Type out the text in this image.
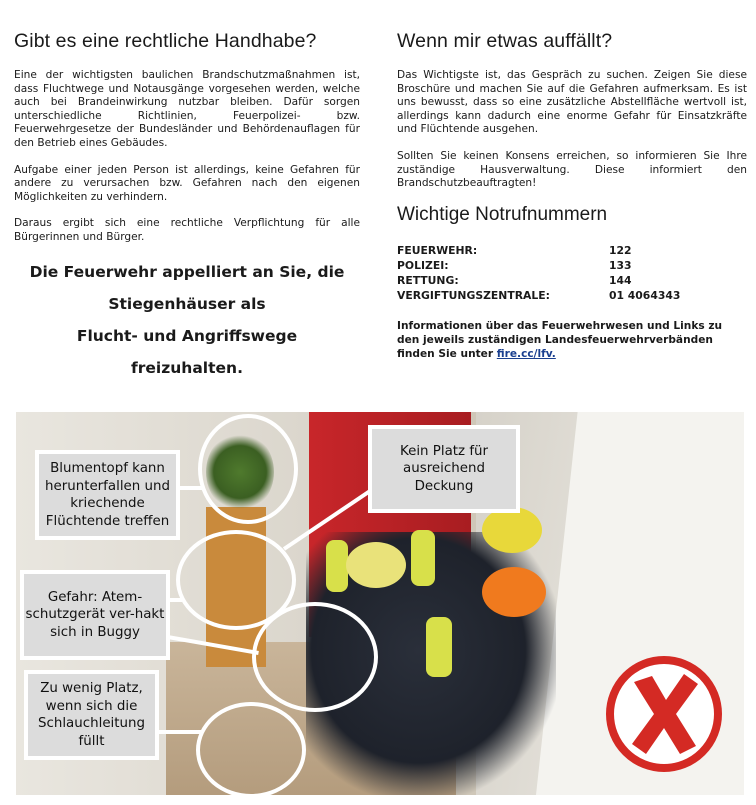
Gibt es eine rechtliche Handhabe?

Eine der wichtigsten baulichen Brandschutzmaßnahmen ist, dass Fluchtwege und Notausgänge vorgesehen werden, welche auch bei Brandeinwirkung nutzbar bleiben. Dafür sorgen unterschiedliche Richtlinien, Feuerpolizei- bzw. Feuerwehrgesetze der Bundesländer und Behördenauflagen für den Betrieb eines Gebäudes.

Aufgabe einer jeden Person ist allerdings, keine Gefahren für andere zu verursachen bzw. Gefahren nach den eigenen Möglichkeiten zu verhindern.

Daraus ergibt sich eine rechtliche Verpflichtung für alle Bürgerinnen und Bürger.

Die Feuerwehr appelliert an Sie, die
Stiegenhäuser als
Flucht- und Angriffswege
freizuhalten.
Wenn mir etwas auffällt?

Das Wichtigste ist, das Gespräch zu suchen. Zeigen Sie diese Broschüre und machen Sie auf die Gefahren aufmerksam. Es ist uns bewusst, dass so eine zusätzliche Abstellfläche wertvoll ist, allerdings kann dadurch eine enorme Gefahr für Einsatzkräfte und Flüchtende ausgehen.

Sollten Sie keinen Konsens erreichen, so informieren Sie Ihre zuständige Hausverwaltung. Diese informiert den Brandschutzbeauftragten!

Wichtige Notrufnummern
FEUERWEHR:	122
POLIZEI:	133
RETTUNG:	144
VERGIFTUNGSZENTRALE:	01 4064343
Informationen über das Feuerwehrwesen und Links zu den jeweils zuständigen Landesfeuerwehrverbänden finden Sie unter fire.cc/lfv.
Blumentopf kann herunterfallen und kriechende Flüchtende treffen
Kein Platz für ausreichend Deckung
Gefahr: Atem-schutzgerät ver-hakt sich in Buggy
Zu wenig Platz, wenn sich die Schlauchleitung füllt
